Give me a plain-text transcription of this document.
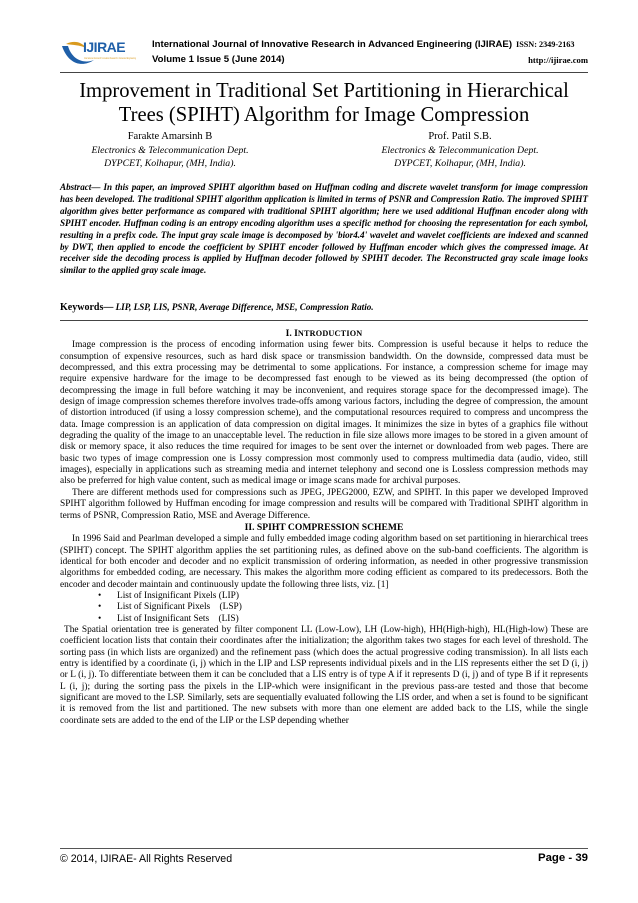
IJIRAE
International Journal of Innovative Research in Advanced Engineering
International Journal of Innovative Research in Advanced Engineering (IJIRAE) ISSN: 2349-2163
Volume 1 Issue 5 (June 2014)	http://ijirae.com
Improvement in Traditional Set Partitioning in Hierarchical Trees (SPIHT) Algorithm for Image Compression
Farakte Amarsinh B
Electronics & Telecommunication Dept.
DYPCET, Kolhapur, (MH, India).
Prof. Patil S.B.
Electronics & Telecommunication Dept.
DYPCET, Kolhapur, (MH, India).
Abstract— In this paper, an improved SPIHT algorithm based on Huffman coding and discrete wavelet transform for image compression has been developed. The traditional SPIHT algorithm application is limited in terms of PSNR and Compression Ratio. The improved SPIHT algorithm gives better performance as compared with traditional SPIHT algorithm; here we used additional Huffman encoder along with SPIHT encoder. Huffman coding is an entropy encoding algorithm uses a specific method for choosing the representation for each symbol, resulting in a prefix code. The input gray scale image is decomposed by 'bior4.4' wavelet and wavelet coefficients are indexed and scanned by DWT, then applied to encode the coefficient by SPIHT encoder followed by Huffman encoder which gives the compressed image. At receiver side the decoding process is applied by Huffman decoder followed by SPIHT decoder. The Reconstructed gray scale image looks similar to the applied gray scale image.
Keywords— LIP, LSP, LIS, PSNR, Average Difference, MSE, Compression Ratio.
I. INTRODUCTION

Image compression is the process of encoding information using fewer bits. Compression is useful because it helps to reduce the consumption of expensive resources, such as hard disk space or transmission bandwidth. On the downside, compressed data must be decompressed, and this extra processing may be detrimental to some applications. For instance, a compression scheme for image may require expensive hardware for the image to be decompressed fast enough to be viewed as its being decompressed (the option of decompressing the image in full before watching it may be inconvenient, and requires storage space for the decompressed image). The design of image compression schemes therefore involves trade-offs among various factors, including the degree of compression, the amount of distortion introduced (if using a lossy compression scheme), and the computational resources required to compress and uncompress the data. Image compression is an application of data compression on digital images. It minimizes the size in bytes of a graphics file without degrading the quality of the image to an unacceptable level. The reduction in file size allows more images to be stored in a given amount of disk or memory space, it also reduces the time required for images to be sent over the internet or downloaded from web pages. There are basic two types of image compression one is Lossy compression most commonly used to compress multimedia data (audio, video, still images), especially in applications such as streaming media and internet telephony and second one is Lossless compression methods may also be preferred for high value content, such as medical image or image scans made for archival purposes.

There are different methods used for compressions such as JPEG, JPEG2000, EZW, and SPIHT. In this paper we developed Improved SPIHT algorithm followed by Huffman encoding for image compression and results will be compared with Traditional SPIHT algorithm in terms of PSNR, Compression Ratio, MSE and Average Difference.

II. SPIHT COMPRESSION SCHEME

In 1996 Said and Pearlman developed a simple and fully embedded image coding algorithm based on set partitioning in hierarchical trees (SPIHT) concept. The SPIHT algorithm applies the set partitioning rules, as defined above on the sub-band coefficients. The algorithm is identical for both encoder and decoder and no explicit transmission of ordering information, as needed in other progressive transmission algorithms for embedded coding, are necessary. This makes the algorithm more coding efficient as compared to its predecessors. Both the encoder and decoder maintain and continuously update the following three lists, viz. [1]

• List of Insignificant Pixels (LIP)
• List of Significant Pixels    (LSP)
• List of Insignificant Sets    (LIS)

The Spatial orientation tree is generated by filter component LL (Low-Low), LH (Low-high), HH(High-high), HL(High-low) These are coefficient location lists that contain their coordinates after the initialization; the algorithm takes two stages for each level of threshold. The sorting pass (in which lists are organized) and the refinement pass (which does the actual progressive coding transmission). In all lists each entry is identified by a coordinate (i, j) which in the LIP and LSP represents individual pixels and in the LIS represents either the set D (i, j) or L (i, j). To differentiate between them it can be concluded that a LIS entry is of type A if it represents D (i, j) and of type B if it represents L (i, j); during the sorting pass the pixels in the LIP-which were insignificant in the previous pass-are tested and those that become significant are moved to the LSP. Similarly, sets are sequentially evaluated following the LIS order, and when a set is found to be significant it is removed from the list and partitioned. The new subsets with more than one element are added back to the LIS, while the single coordinate sets are added to the end of the LIP or the LSP depending whether

© 2014, IJIRAE- All Rights Reserved	Page - 39
